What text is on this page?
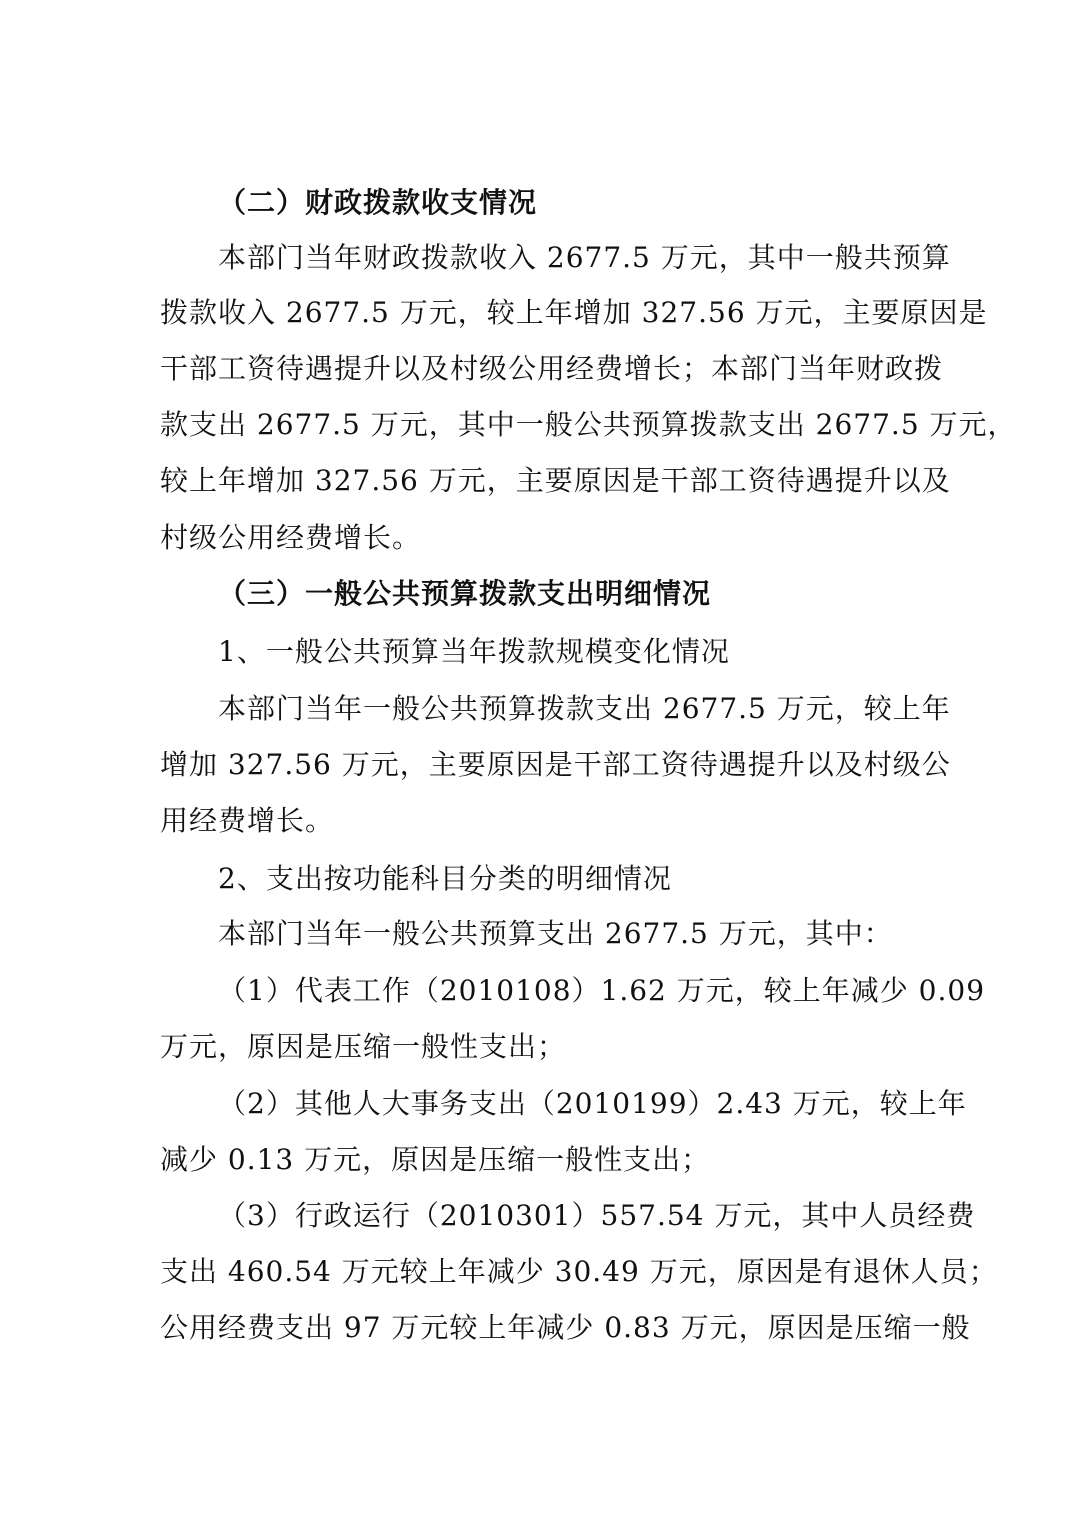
（二）财政拨款收支情况
本部门当年财政拨款收入 2677.5 万元，其中一般共预算
拨款收入 2677.5 万元，较上年增加 327.56 万元，主要原因是
干部工资待遇提升以及村级公用经费增长；本部门当年财政拨
款支出 2677.5 万元，其中一般公共预算拨款支出 2677.5 万元，
较上年增加 327.56 万元，主要原因是干部工资待遇提升以及
村级公用经费增长。
（三）一般公共预算拨款支出明细情况
1、一般公共预算当年拨款规模变化情况
本部门当年一般公共预算拨款支出 2677.5 万元，较上年
增加 327.56 万元，主要原因是干部工资待遇提升以及村级公
用经费增长。
2、支出按功能科目分类的明细情况
本部门当年一般公共预算支出 2677.5 万元，其中：
（1）代表工作（2010108）1.62 万元，较上年减少 0.09
万元，原因是压缩一般性支出；
（2）其他人大事务支出（2010199）2.43 万元，较上年
减少 0.13 万元，原因是压缩一般性支出；
（3）行政运行（2010301）557.54 万元，其中人员经费
支出 460.54 万元较上年减少 30.49 万元，原因是有退休人员；
公用经费支出 97 万元较上年减少 0.83 万元，原因是压缩一般
